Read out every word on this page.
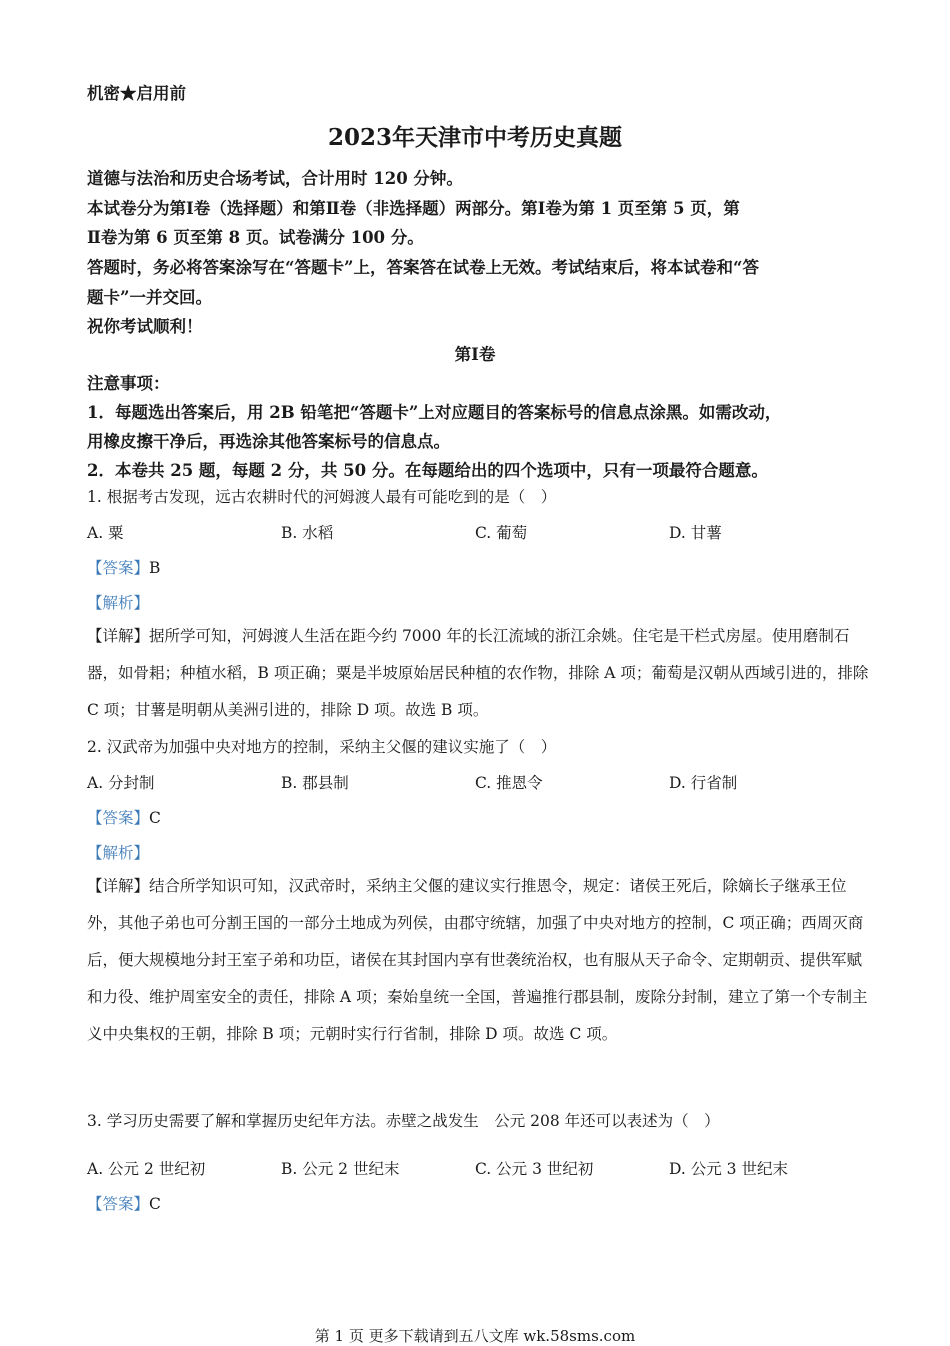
机密★启用前
2023年天津市中考历史真题
道德与法治和历史合场考试，合计用时 120 分钟。
本试卷分为第Ⅰ卷（选择题）和第Ⅱ卷（非选择题）两部分。第Ⅰ卷为第 1 页至第 5 页，第
Ⅱ卷为第 6 页至第 8 页。试卷满分 100 分。
答题时，务必将答案涂写在“答题卡”上，答案答在试卷上无效。考试结束后，将本试卷和“答
题卡”一并交回。
祝你考试顺利！
第Ⅰ卷
注意事项：
1．每题选出答案后，用 2B 铅笔把“答题卡”上对应题目的答案标号的信息点涂黑。如需改动，
用橡皮擦干净后，再选涂其他答案标号的信息点。
2．本卷共 25 题，每题 2 分，共 50 分。在每题给出的四个选项中，只有一项最符合题意。
1. 根据考古发现，远古农耕时代的河姆渡人最有可能吃到的是（　）
A. 粟	B. 水稻	C. 葡萄	D. 甘薯
【答案】B
【解析】

【详解】据所学可知，河姆渡人生活在距今约 7000 年的长江流域的浙江余姚。住宅是干栏式房屋。使用磨制石器，如骨耜；种植水稻，B 项正确；粟是半坡原始居民种植的农作物，排除 A 项；葡萄是汉朝从西域引进的，排除 C 项；甘薯是明朝从美洲引进的，排除 D 项。故选 B 项。

2. 汉武帝为加强中央对地方的控制，采纳主父偃的建议实施了（　）
A. 分封制	B. 郡县制	C. 推恩令	D. 行省制
【答案】C
【解析】

【详解】结合所学知识可知，汉武帝时，采纳主父偃的建议实行推恩令，规定：诸侯王死后，除嫡长子继承王位外，其他子弟也可分割王国的一部分土地成为列侯，由郡守统辖，加强了中央对地方的控制，C 项正确；西周灭商后，便大规模地分封王室子弟和功臣，诸侯在其封国内享有世袭统治权，也有服从天子命令、定期朝贡、提供军赋和力役、维护周室安全的责任，排除 A 项；秦始皇统一全国，普遍推行郡县制，废除分封制，建立了第一个专制主义中央集权的王朝，排除 B 项；元朝时实行行省制，排除 D 项。故选 C 项。

3. 学习历史需要了解和掌握历史纪年方法。赤壁之战发生　公元 208 年还可以表述为（　）
A. 公元 2 世纪初	B. 公元 2 世纪末	C. 公元 3 世纪初	D. 公元 3 世纪末
【答案】C
第 1 页 更多下载请到五八文库 wk.58sms.com
